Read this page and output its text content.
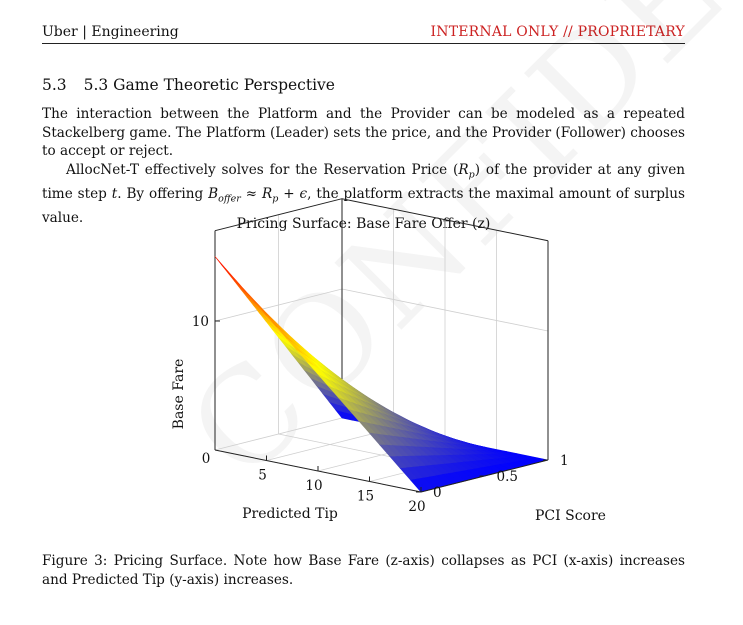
Uber | Engineering	INTERNAL ONLY // PROPRIETARY
5.3 5.3 Game Theoretic Perspective

The interaction between the Platform and the Provider can be modeled as a repeated Stackelberg game. The Platform (Leader) sets the price, and the Provider (Follower) chooses to accept or reject.

AllocNet-T effectively solves for the Reservation Price $(R_p)$ of the provider at any given time step t. By offering $B_{offer} \approx R_p + \epsilon$, the platform extracts the maximal amount of surplus value.	Pricing Surface: Base Fare Offer (z)
0
5
10
15
20
0
0.5
1
10
Predicted Tip	PCI Score
Base Fare

Figure 3: Pricing Surface. Note how Base Fare (z-axis) collapses as PCI (x-axis) increases and Predicted Tip (y-axis) increases.
